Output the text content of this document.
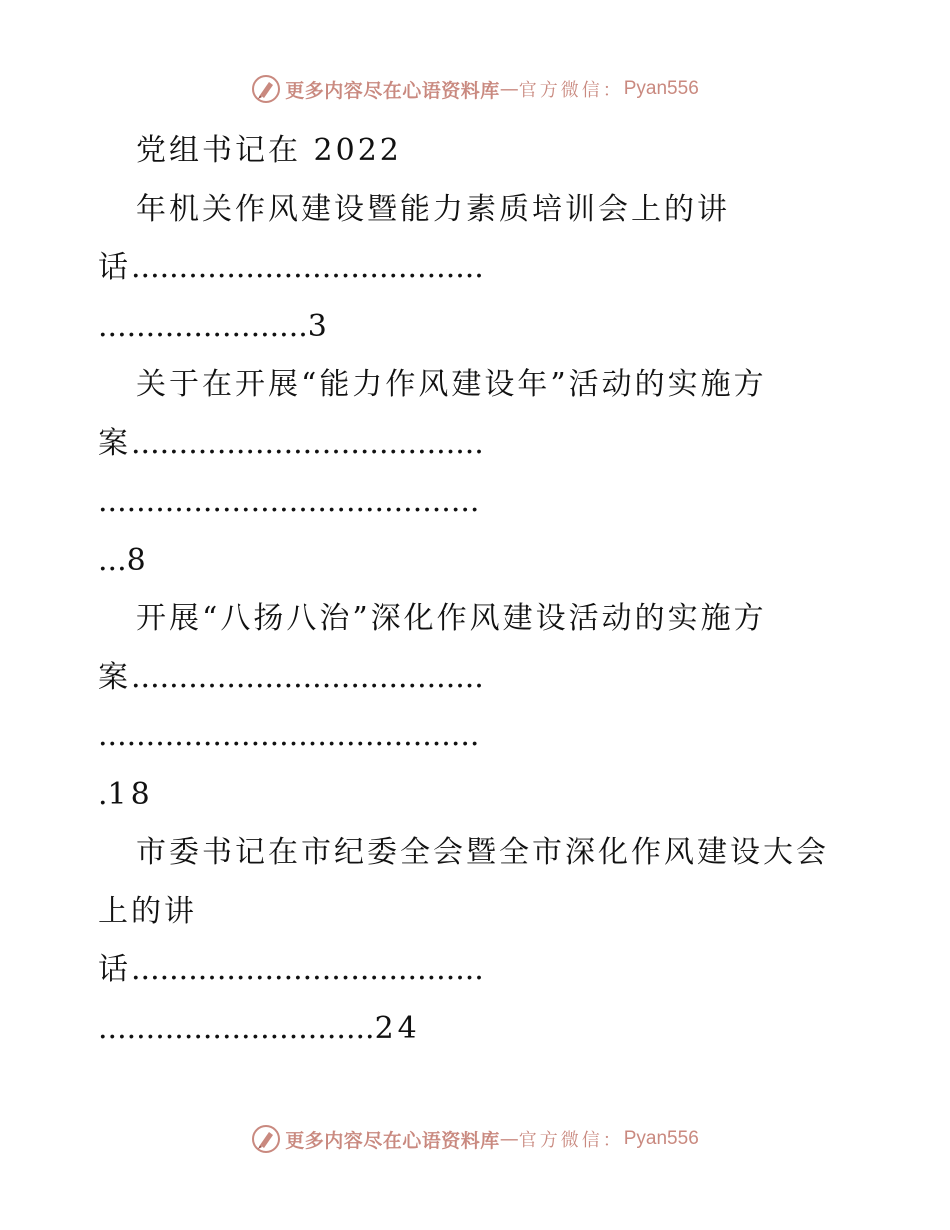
更多内容尽在心语资料库 — 官方微信： Pyan556
党组书记在 2022
年机关作风建设暨能力素质培训会上的讲
话.....................................
......................3
关于在开展“能力作风建设年”活动的实施方
案.....................................
........................................
...8
开展“八扬八治”深化作风建设活动的实施方
案.....................................
........................................
.18
市委书记在市纪委全会暨全市深化作风建设大会
上的讲
话.....................................
.............................24
更多内容尽在心语资料库 — 官方微信： Pyan556
